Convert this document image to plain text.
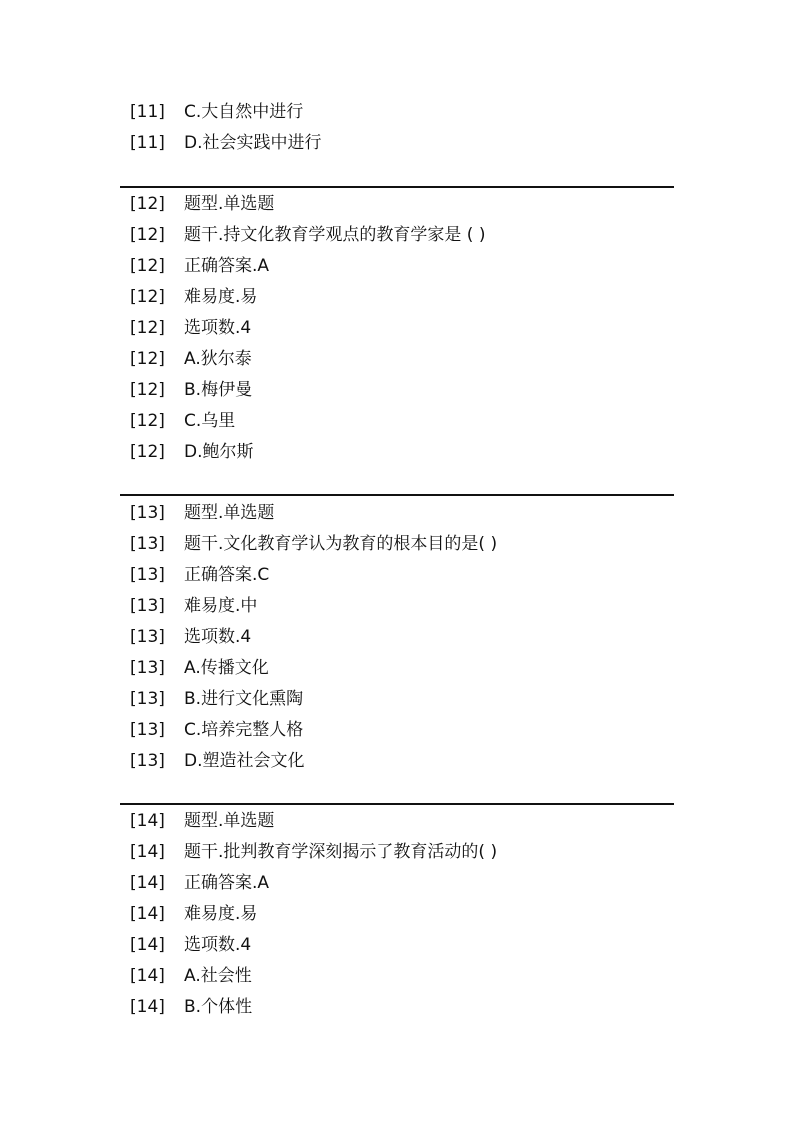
[11] C.大自然中进行
[11] D.社会实践中进行
[12] 题型.单选题
[12] 题干.持文化教育学观点的教育学家是 ( )
[12] 正确答案.A
[12] 难易度.易
[12] 选项数.4
[12] A.狄尔泰
[12] B.梅伊曼
[12] C.乌里
[12] D.鲍尔斯
[13] 题型.单选题
[13] 题干.文化教育学认为教育的根本目的是( )
[13] 正确答案.C
[13] 难易度.中
[13] 选项数.4
[13] A.传播文化
[13] B.进行文化熏陶
[13] C.培养完整人格
[13] D.塑造社会文化
[14] 题型.单选题
[14] 题干.批判教育学深刻揭示了教育活动的( )
[14] 正确答案.A
[14] 难易度.易
[14] 选项数.4
[14] A.社会性
[14] B.个体性
